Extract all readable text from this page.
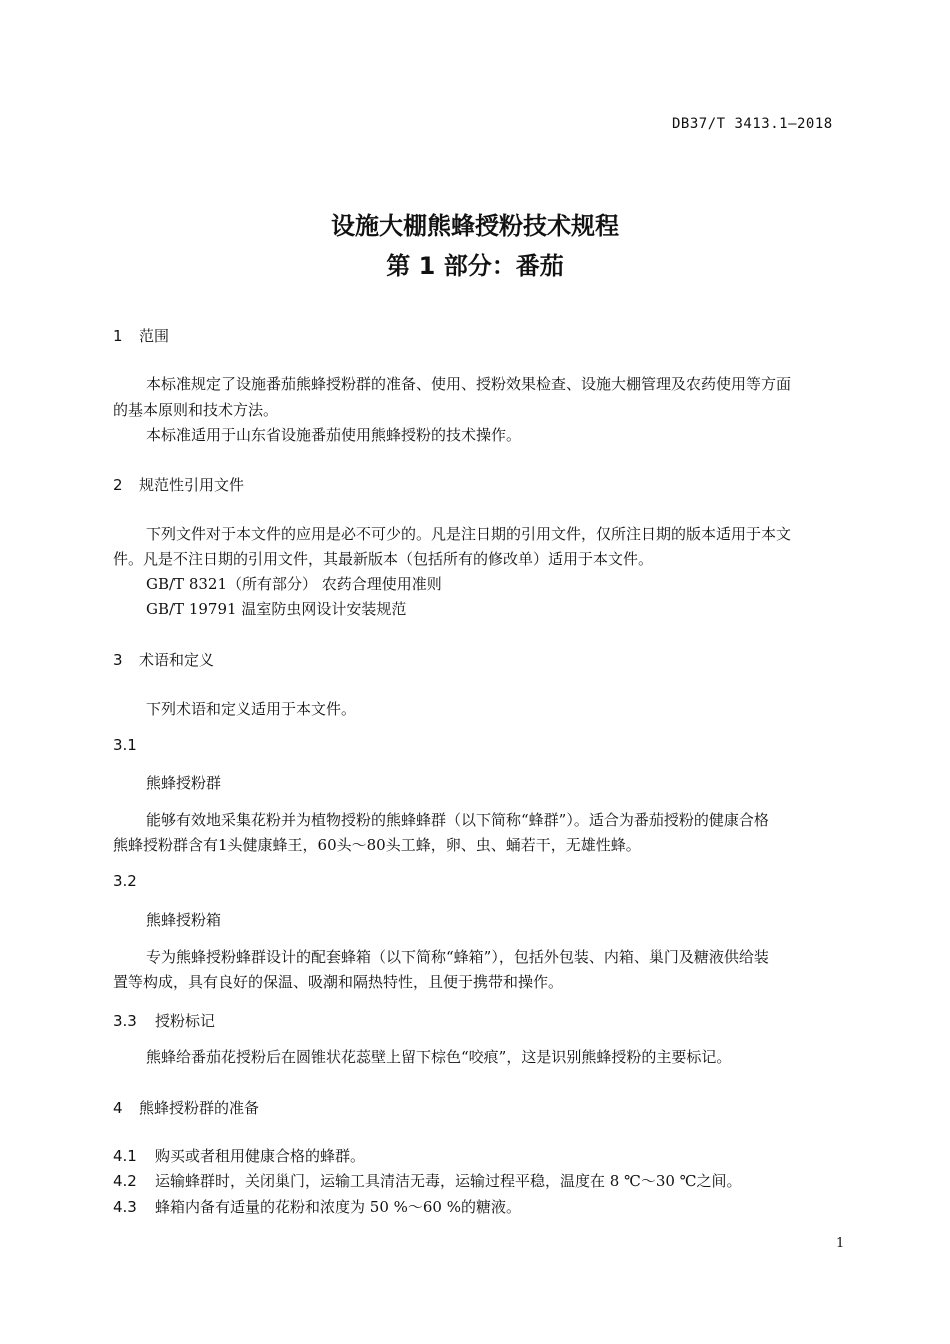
DB37/T 3413.1—2018
设施大棚熊蜂授粉技术规程
第 1 部分：番茄
1 范围
本标准规定了设施番茄熊蜂授粉群的准备、使用、授粉效果检查、设施大棚管理及农药使用等方面
的基本原则和技术方法。
本标准适用于山东省设施番茄使用熊蜂授粉的技术操作。
2 规范性引用文件
下列文件对于本文件的应用是必不可少的。凡是注日期的引用文件，仅所注日期的版本适用于本文
件。凡是不注日期的引用文件，其最新版本（包括所有的修改单）适用于本文件。
GB/T 8321（所有部分） 农药合理使用准则
GB/T 19791 温室防虫网设计安装规范
3 术语和定义
下列术语和定义适用于本文件。
3.1
熊蜂授粉群
能够有效地采集花粉并为植物授粉的熊蜂蜂群（以下简称“蜂群”）。适合为番茄授粉的健康合格
熊蜂授粉群含有1头健康蜂王，60头～80头工蜂，卵、虫、蛹若干，无雄性蜂。
3.2
熊蜂授粉箱
专为熊蜂授粉蜂群设计的配套蜂箱（以下简称“蜂箱”），包括外包装、内箱、巢门及糖液供给装
置等构成，具有良好的保温、吸潮和隔热特性，且便于携带和操作。
3.3 授粉标记
熊蜂给番茄花授粉后在圆锥状花蕊壁上留下棕色“咬痕”，这是识别熊蜂授粉的主要标记。
4 熊蜂授粉群的准备
4.1 购买或者租用健康合格的蜂群。
4.2 运输蜂群时，关闭巢门，运输工具清洁无毒，运输过程平稳，温度在 8 ℃～30 ℃之间。
4.3 蜂箱内备有适量的花粉和浓度为 50 %～60 %的糖液。
1
